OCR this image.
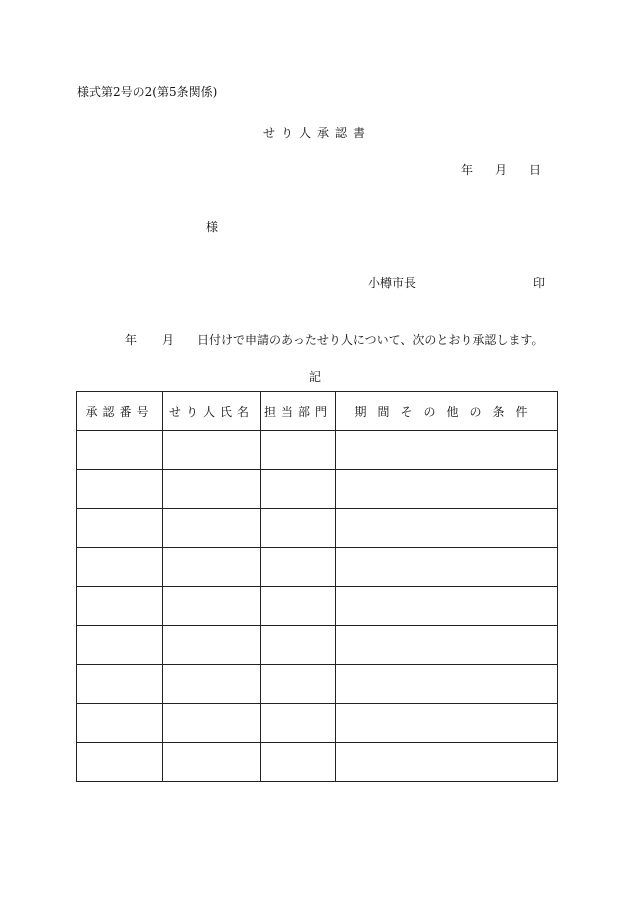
様式第2号の2(第5条関係)
せり人承認書
年 月 日
様
小樽市長	印
年 月 日付けで申請のあったせり人について、次のとおり承認します。
記
承認番号	せり人氏名	担当部門	期間その他の条件
